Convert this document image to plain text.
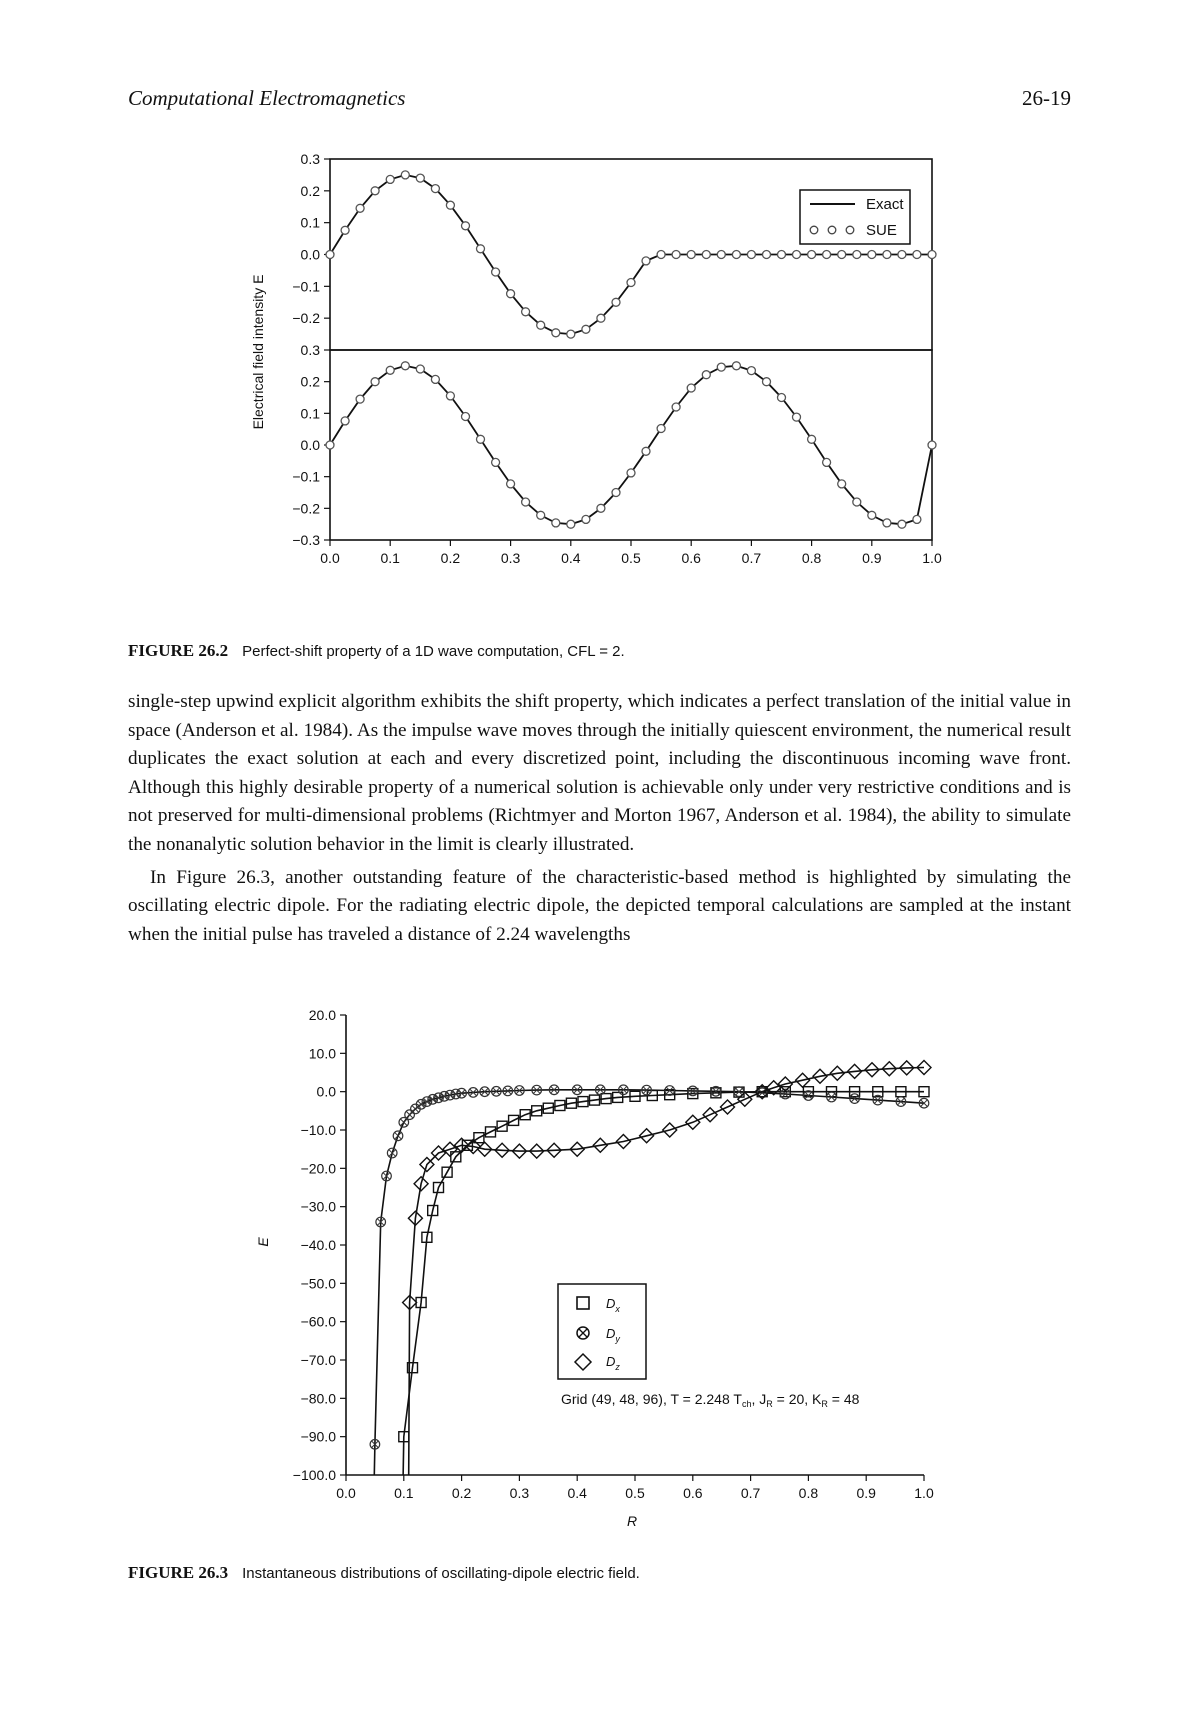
Computational Electromagnetics	26-19
0.3
0.2
0.1
0.0
−0.1
−0.2
0.3
0.2
0.1
0.0
−0.1
−0.2
−0.3
0.0	0.1	0.2	0.3	0.4	0.5	0.6	0.7	0.8	0.9	1.0
Electrical field intensity E
Exact
SUE
FIGURE 26.2 Perfect-shift property of a 1D wave computation, CFL = 2.

single-step upwind explicit algorithm exhibits the shift property, which indicates a perfect translation of the initial value in space (Anderson et al. 1984). As the impulse wave moves through the initially quiescent environment, the numerical result duplicates the exact solution at each and every discretized point, including the discontinuous incoming wave front. Although this highly desirable property of a numerical solution is achievable only under very restrictive conditions and is not preserved for multi-dimensional problems (Richtmyer and Morton 1967, Anderson et al. 1984), the ability to simulate the nonanalytic solution behavior in the limit is clearly illustrated.

In Figure 26.3, another outstanding feature of the characteristic-based method is highlighted by simulating the oscillating electric dipole. For the radiating electric dipole, the depicted temporal calculations are sampled at the instant when the initial pulse has traveled a distance of 2.24 wavelengths

20.0
10.0
0.0
−10.0
−20.0
−30.0
−40.0
−50.0
−60.0
−70.0
−80.0
−90.0
−100.0
0.0	0.1	0.2	0.3	0.4	0.5	0.6	0.7	0.8	0.9	1.0
E
R
$D_x$
$D_y$
$D_z$
Grid (49, 48, 96), T = 2.248 $T_{ch}$, $J_R = 20$, $K_R = 48$
FIGURE 26.3 Instantaneous distributions of oscillating-dipole electric field.
